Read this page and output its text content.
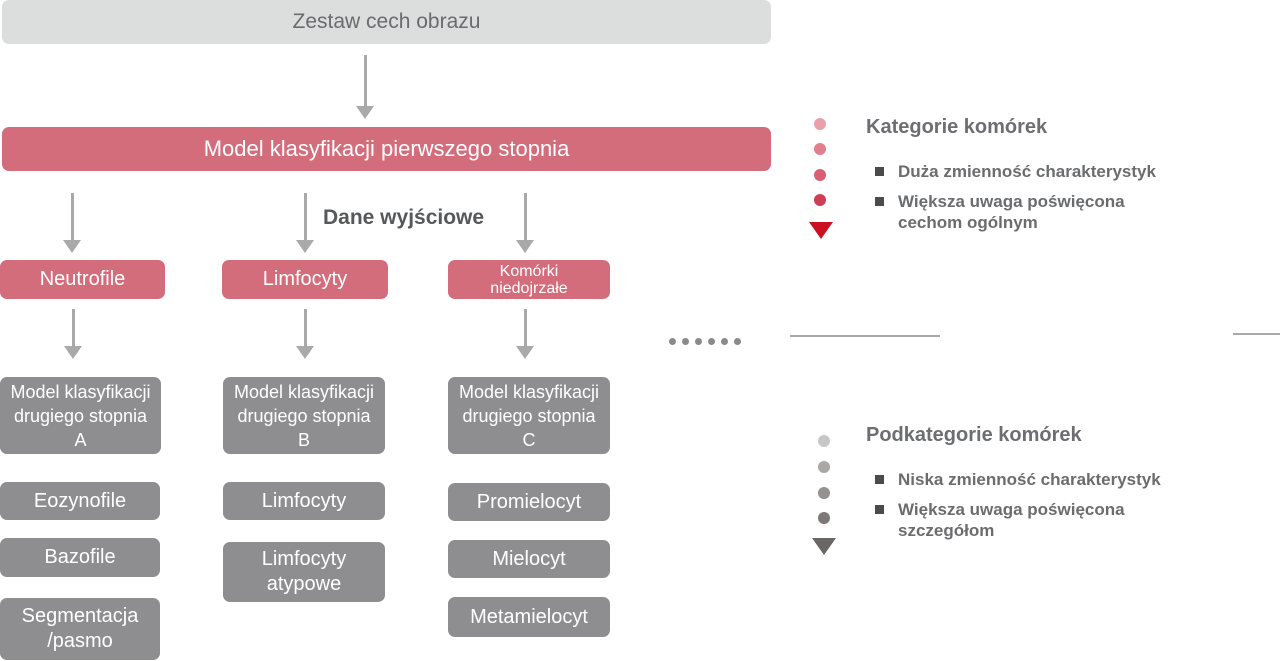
Zestaw cech obrazu
Model klasyfikacji pierwszego stopnia
Dane wyjściowe
Neutrofile	Limfocyty	Komórki
niedojrzałe
Model klasyfikacji
drugiego stopnia
A
Model klasyfikacji
drugiego stopnia
B
Model klasyfikacji
drugiego stopnia
C
Eozynofile
Bazofile
Segmentacja
/pasmo
Limfocyty
Limfocyty
atypowe
Promielocyt
Mielocyt
Metamielocyt
Kategorie komórek
Duża zmienność charakterystyk
Większa uwaga poświęcona cechom ogólnym
Podkategorie komórek
Niska zmienność charakterystyk
Większa uwaga poświęcona szczegółom
